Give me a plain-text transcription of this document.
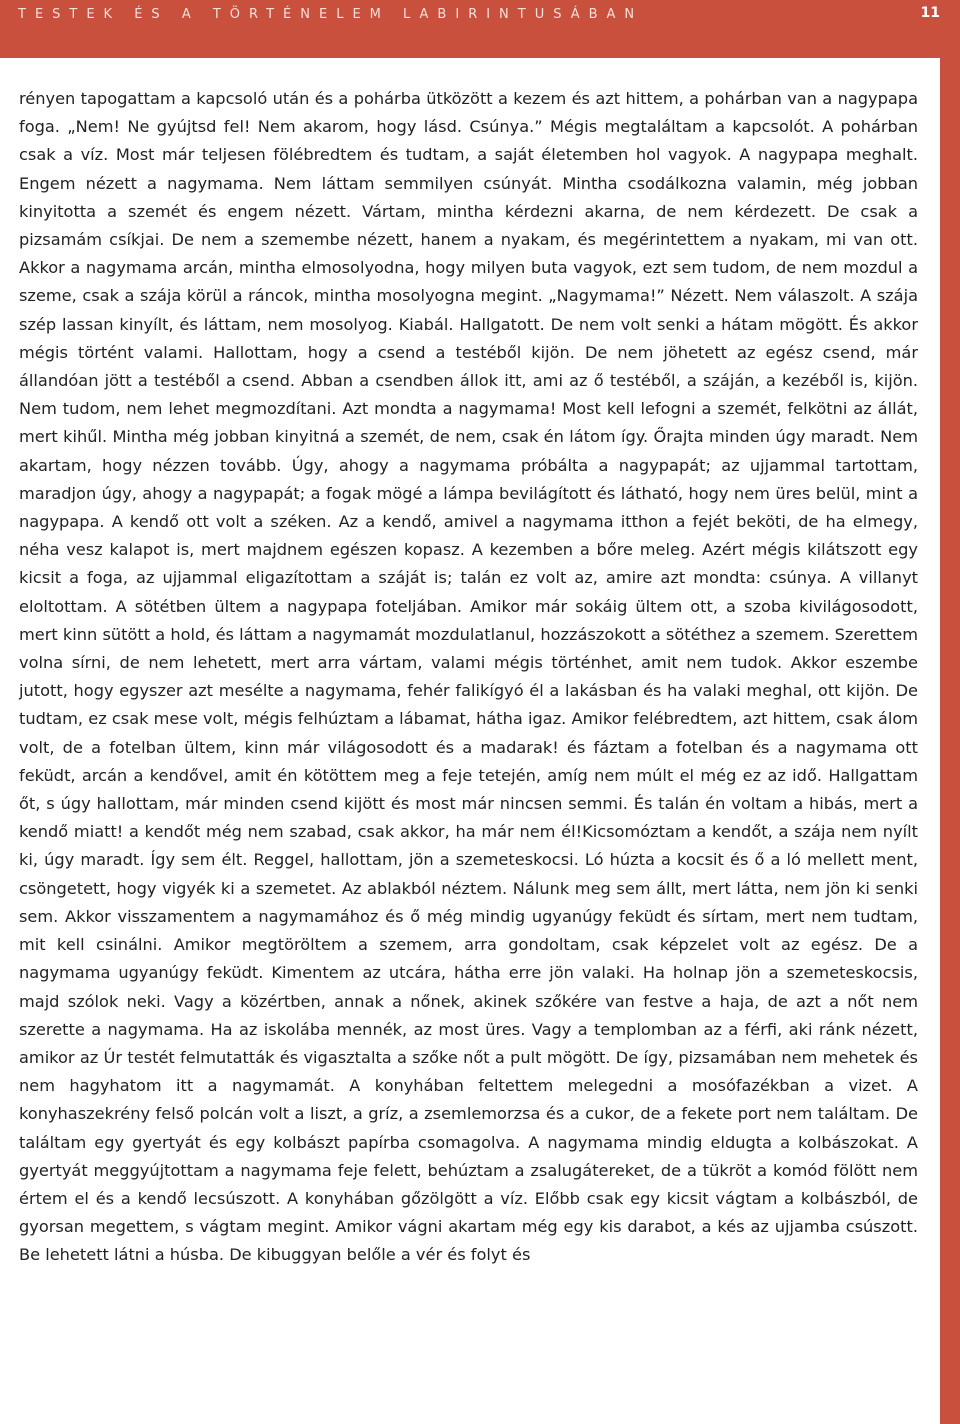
TESTEK ÉS A TÖRTÉNELEM LABIRINTUSÁBAN	11

rényen tapogattam a kapcsoló után és a pohárba ütközött a kezem és azt hittem, a pohárban van a nagypapa foga. „Nem! Ne gyújtsd fel! Nem akarom, hogy lásd. Csúnya.” Mégis megtaláltam a kapcsolót. A pohárban csak a víz. Most már teljesen fölébredtem és tudtam, a saját életemben hol vagyok. A nagypapa meghalt. Engem nézett a nagymama. Nem láttam semmilyen csúnyát. Mintha csodálkozna valamin, még jobban kinyitotta a szemét és engem nézett. Vártam, mintha kérdezni akarna, de nem kérdezett. De csak a pizsamám csíkjai. De nem a szemembe nézett, hanem a nyakam, és megérintettem a nyakam, mi van ott. Akkor a nagymama arcán, mintha elmosolyodna, hogy milyen buta vagyok, ezt sem tudom, de nem mozdul a szeme, csak a szája körül a ráncok, mintha mosolyogna megint. „Nagymama!” Nézett. Nem válaszolt. A szája szép lassan kinyílt, és láttam, nem mosolyog. Kiabál. Hallgatott. De nem volt senki a hátam mögött. És akkor mégis történt valami. Hallottam, hogy a csend a testéből kijön. De nem jöhetett az egész csend, már állandóan jött a testéből a csend. Abban a csendben állok itt, ami az ő testéből, a száján, a kezéből is, kijön. Nem tudom, nem lehet megmozdítani. Azt mondta a nagymama! Most kell lefogni a szemét, felkötni az állát, mert kihűl. Mintha még jobban kinyitná a szemét, de nem, csak én látom így. Őrajta minden úgy maradt. Nem akartam, hogy nézzen tovább. Úgy, ahogy a nagymama próbálta a nagypapát; az ujjammal tartottam, maradjon úgy, ahogy a nagypapát; a fogak mögé a lámpa bevilágított és látható, hogy nem üres belül, mint a nagypapa. A kendő ott volt a széken. Az a kendő, amivel a nagymama itthon a fejét beköti, de ha elmegy, néha vesz kalapot is, mert majdnem egészen kopasz. A kezemben a bőre meleg. Azért mégis kilátszott egy kicsit a foga, az ujjammal eligazítottam a száját is; talán ez volt az, amire azt mondta: csúnya. A villanyt eloltottam. A sötétben ültem a nagypapa foteljában. Amikor már sokáig ültem ott, a szoba kivilágosodott, mert kinn sütött a hold, és láttam a nagymamát mozdulatlanul, hozzászokott a sötéthez a szemem. Szerettem volna sírni, de nem lehetett, mert arra vártam, valami mégis történhet, amit nem tudok. Akkor eszembe jutott, hogy egyszer azt mesélte a nagymama, fehér falikígyó él a lakásban és ha valaki meghal, ott kijön. De tudtam, ez csak mese volt, mégis felhúztam a lábamat, hátha igaz. Amikor felébredtem, azt hittem, csak álom volt, de a fotelban ültem, kinn már világosodott és a madarak! és fáztam a fotelban és a nagymama ott feküdt, arcán a kendővel, amit én kötöttem meg a feje tetején, amíg nem múlt el még ez az idő. Hallgattam őt, s úgy hallottam, már minden csend kijött és most már nincsen semmi. És talán én voltam a hibás, mert a kendő miatt! a kendőt még nem szabad, csak akkor, ha már nem él!Kicsomóztam a kendőt, a szája nem nyílt ki, úgy maradt. Így sem élt. Reggel, hallottam, jön a szemeteskocsi. Ló húzta a kocsit és ő a ló mellett ment, csöngetett, hogy vigyék ki a szemetet. Az ablakból néztem. Nálunk meg sem állt, mert látta, nem jön ki senki sem. Akkor visszamentem a nagymamához és ő még mindig ugyanúgy feküdt és sírtam, mert nem tudtam, mit kell csinálni. Amikor megtöröltem a szemem, arra gondoltam, csak képzelet volt az egész. De a nagymama ugyanúgy feküdt. Kimentem az utcára, hátha erre jön valaki. Ha holnap jön a szemeteskocsis, majd szólok neki. Vagy a közértben, annak a nőnek, akinek szőkére van festve a haja, de azt a nőt nem szerette a nagymama. Ha az iskolába mennék, az most üres. Vagy a templomban az a férfi, aki ránk nézett, amikor az Úr testét felmutatták és vigasztalta a szőke nőt a pult mögött. De így, pizsamában nem mehetek és nem hagyhatom itt a nagymamát. A konyhában feltettem melegedni a mosófazékban a vizet. A konyhaszekrény felső polcán volt a liszt, a gríz, a zsemlemorzsa és a cukor, de a fekete port nem találtam. De találtam egy gyertyát és egy kolbászt papírba csomagolva. A nagymama mindig eldugta a kolbászokat. A gyertyát meggyújtottam a nagymama feje felett, behúztam a zsalugátereket, de a tükröt a komód fölött nem értem el és a kendő lecsúszott. A konyhában gőzölgött a víz. Előbb csak egy kicsit vágtam a kolbászból, de gyorsan megettem, s vágtam megint. Amikor vágni akartam még egy kis darabot, a kés az ujjamba csúszott. Be lehetett látni a húsba. De kibuggyan belőle a vér és folyt és
